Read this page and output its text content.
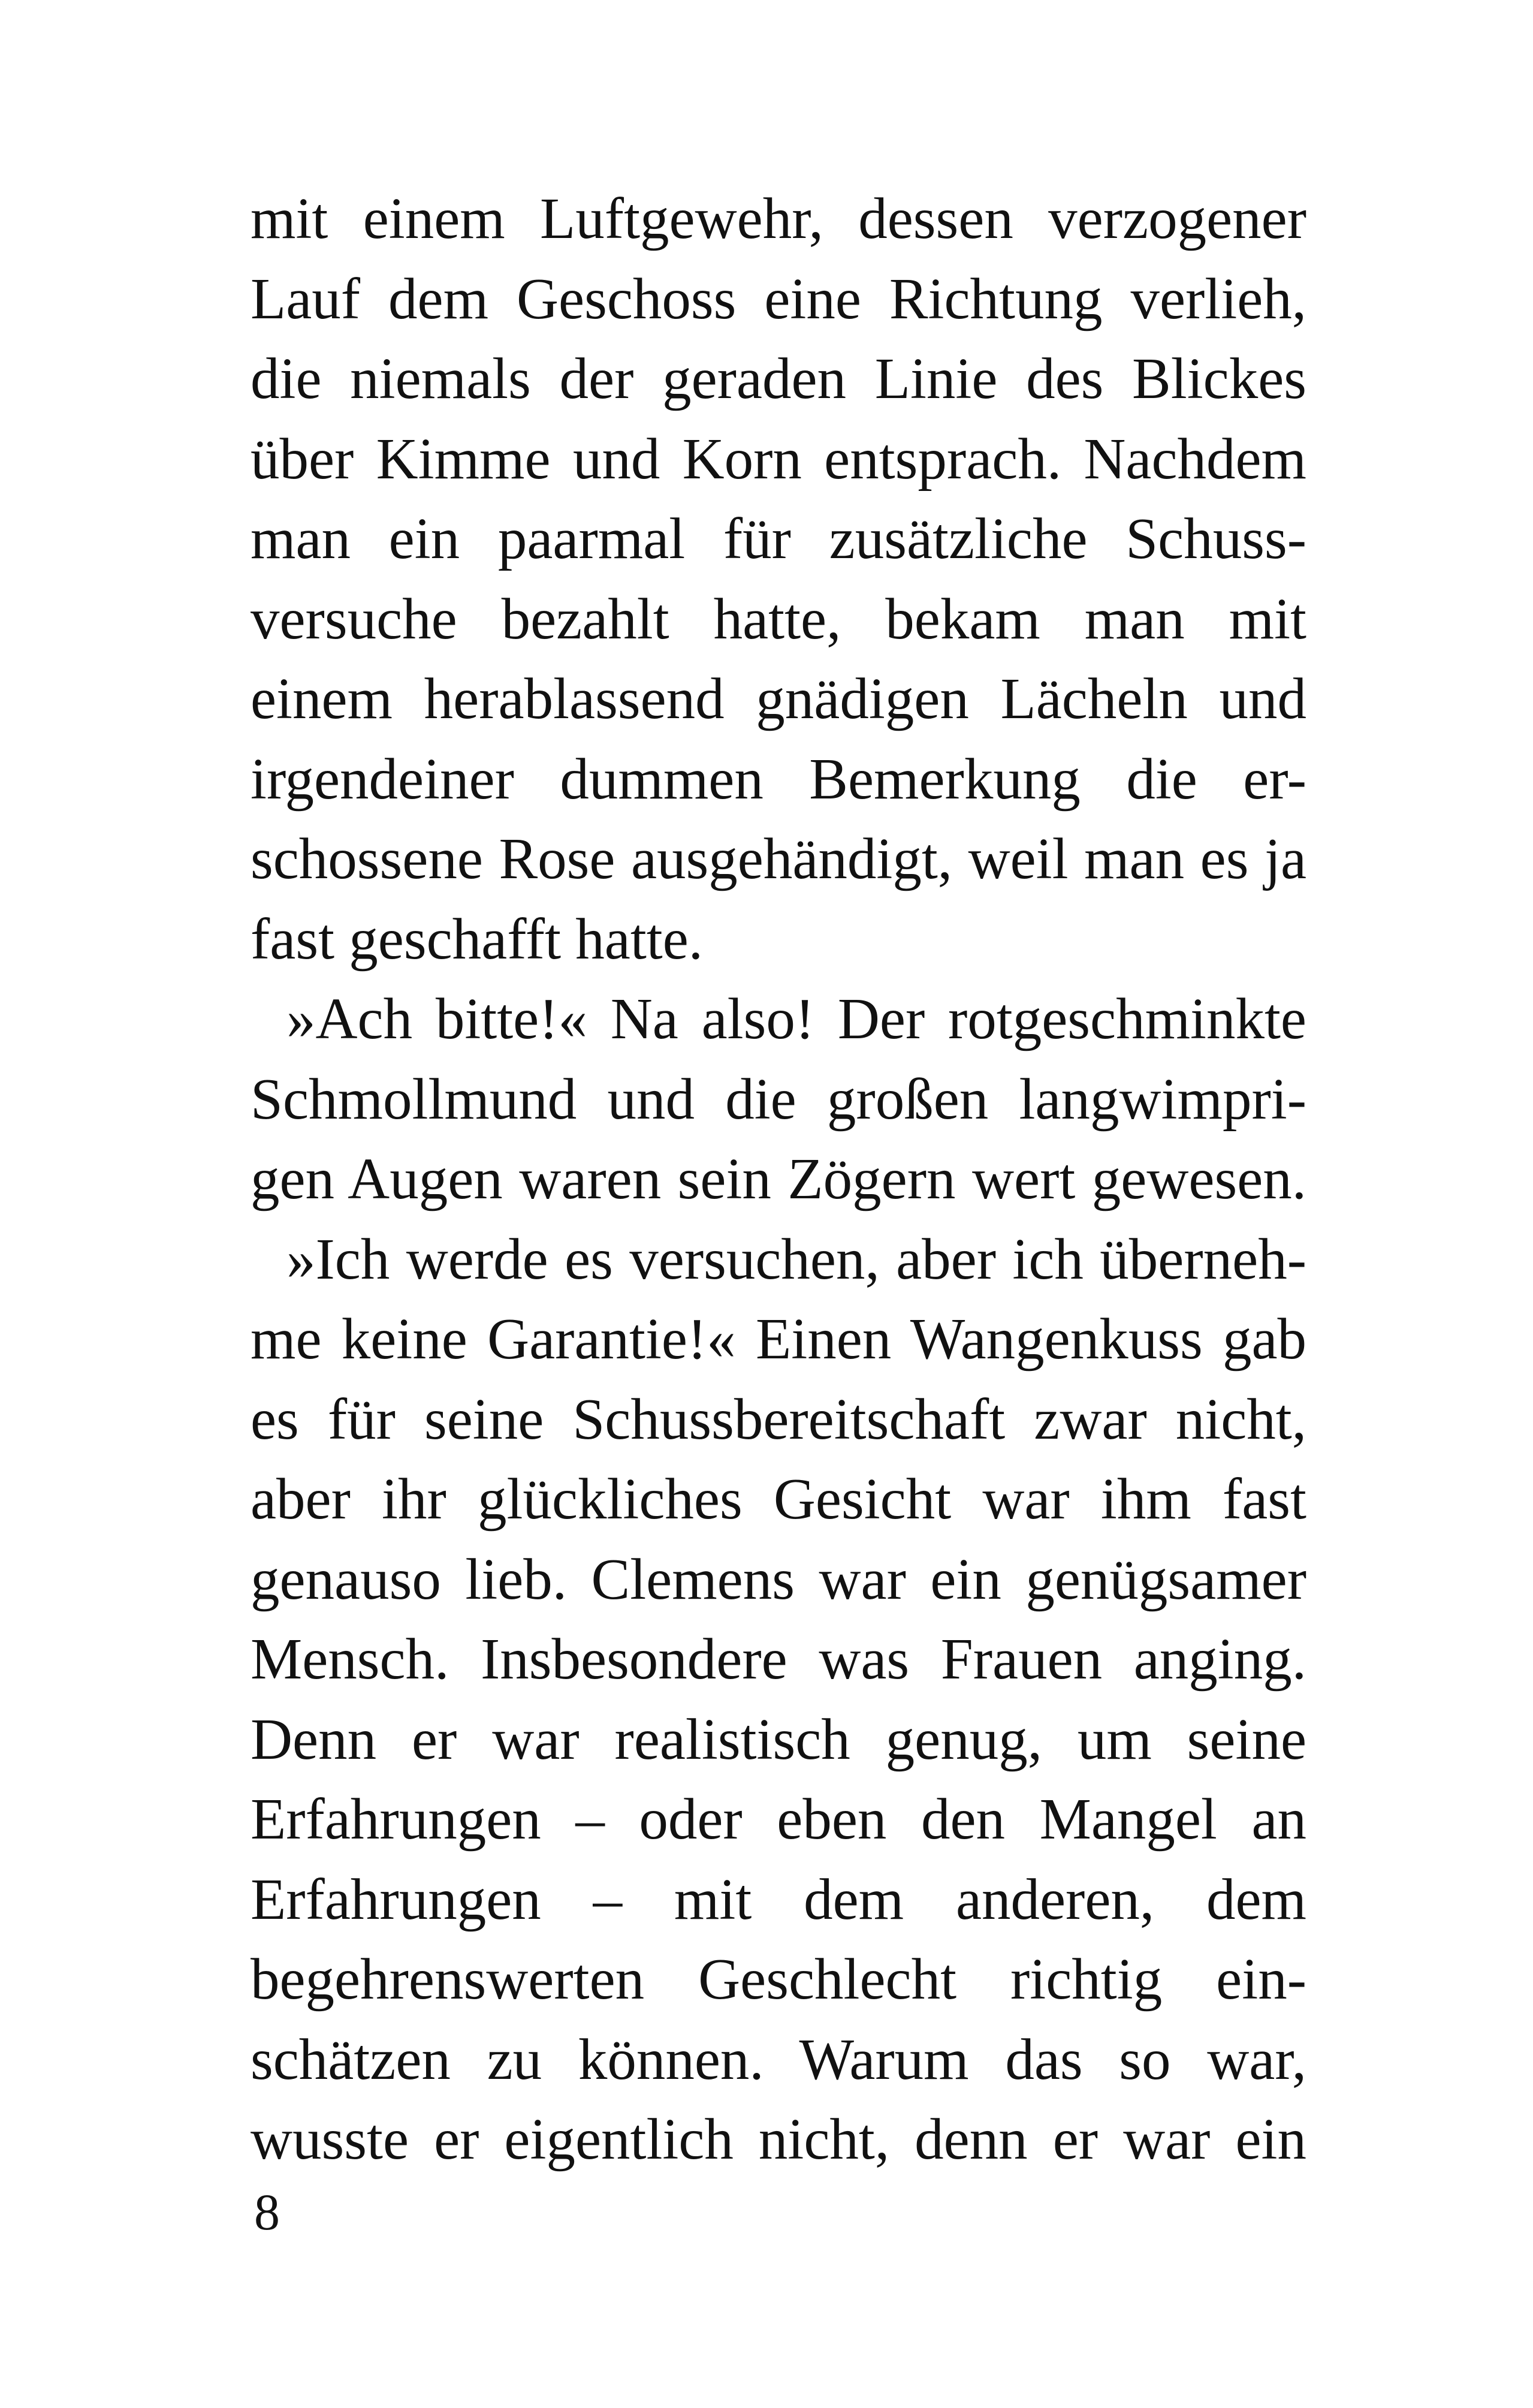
mit einem Luftgewehr, dessen verzogener
Lauf dem Geschoss eine Richtung verlieh,
die niemals der geraden Linie des Blickes
über Kimme und Korn entsprach. Nachdem
man ein paarmal für zusätzliche Schuss-
versuche bezahlt hatte, bekam man mit
einem herablassend gnädigen Lächeln und
irgendeiner dummen Bemerkung die er-
schossene Rose ausgehändigt, weil man es ja
fast geschafft hatte.
»Ach bitte!« Na also! Der rotgeschminkte
Schmollmund und die großen langwimpri-
gen Augen waren sein Zögern wert gewesen.
»Ich werde es versuchen, aber ich überneh-
me keine Garantie!« Einen Wangenkuss gab
es für seine Schussbereitschaft zwar nicht,
aber ihr glückliches Gesicht war ihm fast
genauso lieb. Clemens war ein genügsamer
Mensch. Insbesondere was Frauen anging.
Denn er war realistisch genug, um seine
Erfahrungen – oder eben den Mangel an
Erfahrungen – mit dem anderen, dem
begehrenswerten Geschlecht richtig ein-
schätzen zu können. Warum das so war,
wusste er eigentlich nicht, denn er war ein
8
